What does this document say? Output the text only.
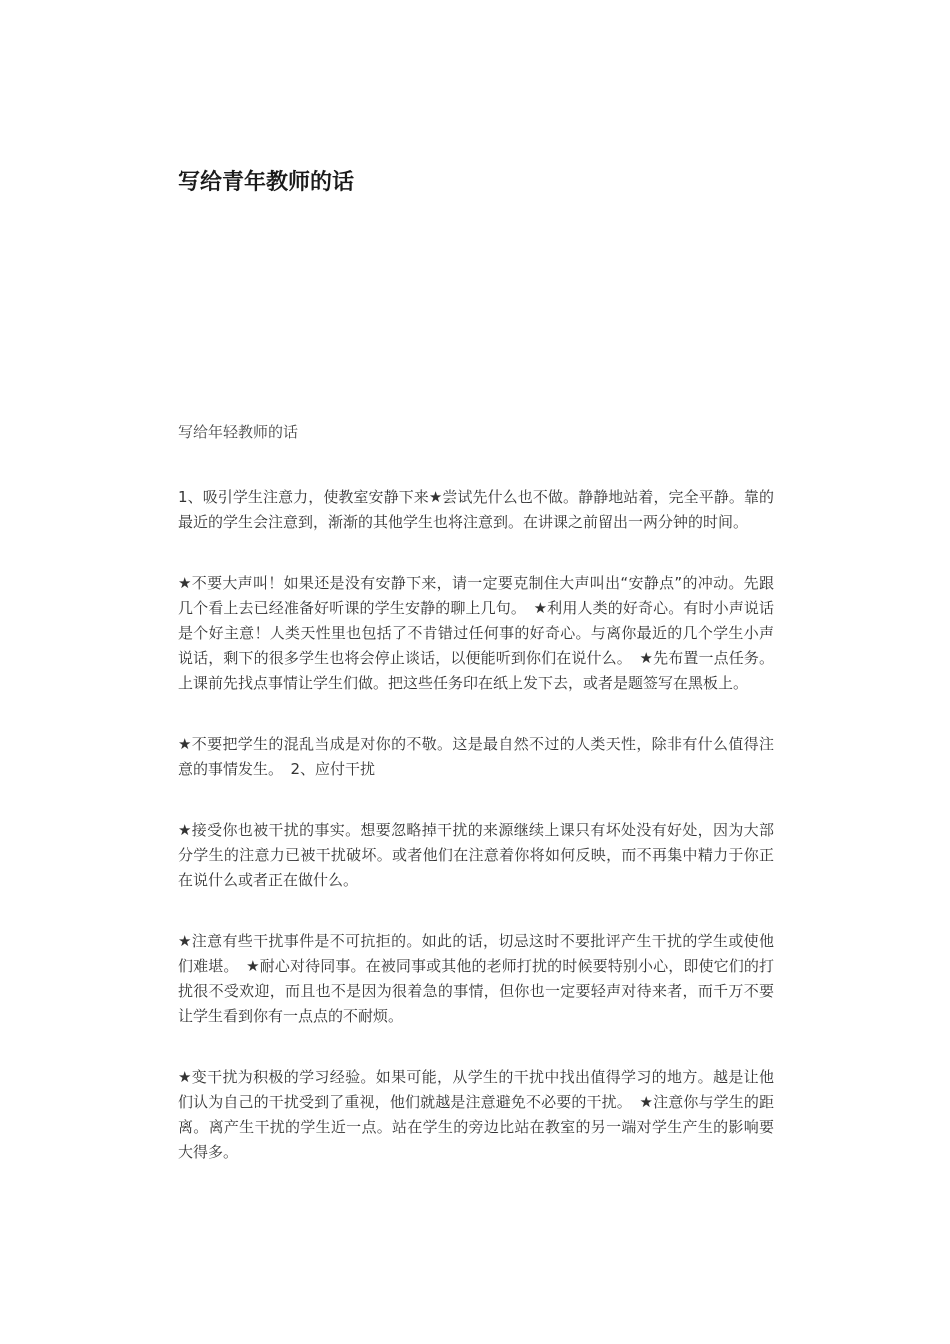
写给青年教师的话

写给年轻教师的话

1、吸引学生注意力，使教室安静下来★尝试先什么也不做。静静地站着，完全平静。靠的最近的学生会注意到，渐渐的其他学生也将注意到。在讲课之前留出一两分钟的时间。

★不要大声叫！如果还是没有安静下来，请一定要克制住大声叫出“安静点”的冲动。先跟几个看上去已经准备好听课的学生安静的聊上几句。　★利用人类的好奇心。有时小声说话是个好主意！人类天性里也包括了不肯错过任何事的好奇心。与离你最近的几个学生小声说话，剩下的很多学生也将会停止谈话，以便能听到你们在说什么。　★先布置一点任务。上课前先找点事情让学生们做。把这些任务印在纸上发下去，或者是题签写在黑板上。

★不要把学生的混乱当成是对你的不敬。这是最自然不过的人类天性，除非有什么值得注意的事情发生。　2、应付干扰

★接受你也被干扰的事实。想要忽略掉干扰的来源继续上课只有坏处没有好处，因为大部分学生的注意力已被干扰破坏。或者他们在注意着你将如何反映，而不再集中精力于你正在说什么或者正在做什么。

★注意有些干扰事件是不可抗拒的。如此的话，切忌这时不要批评产生干扰的学生或使他们难堪。　★耐心对待同事。在被同事或其他的老师打扰的时候要特别小心，即使它们的打扰很不受欢迎，而且也不是因为很着急的事情，但你也一定要轻声对待来者，而千万不要让学生看到你有一点点的不耐烦。

★变干扰为积极的学习经验。如果可能，从学生的干扰中找出值得学习的地方。越是让他们认为自己的干扰受到了重视，他们就越是注意避免不必要的干扰。　★注意你与学生的距离。离产生干扰的学生近一点。站在学生的旁边比站在教室的另一端对学生产生的影响要大得多。
